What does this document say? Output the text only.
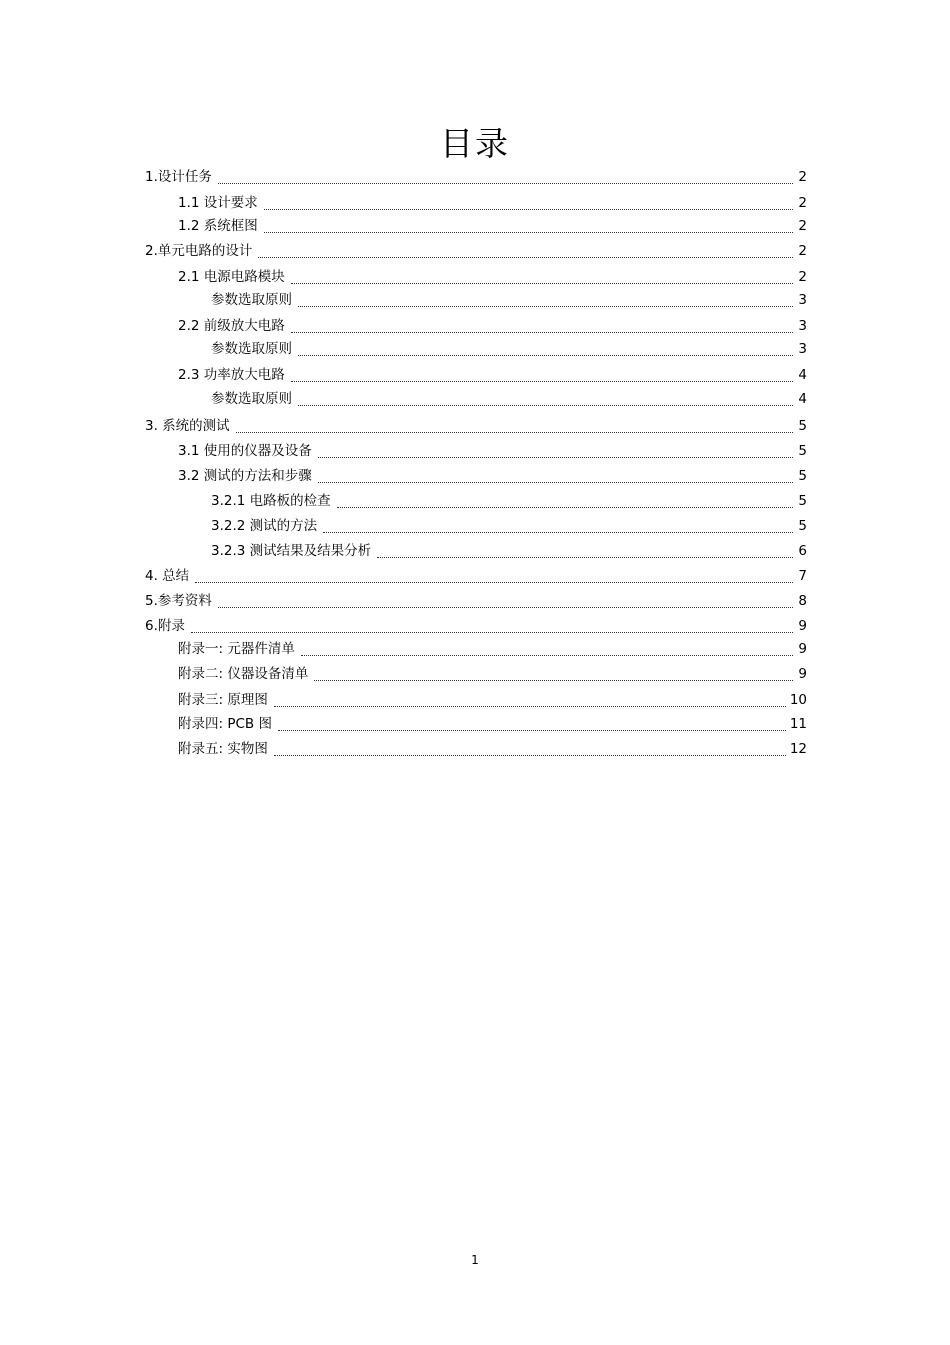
目录
1.设计任务	2
1.1 设计要求	2
1.2 系统框图	2
2.单元电路的设计	2
2.1 电源电路模块	2
参数选取原则	3
2.2 前级放大电路	3
参数选取原则	3
2.3 功率放大电路	4
参数选取原则	4
3. 系统的测试	5
3.1 使用的仪器及设备	5
3.2 测试的方法和步骤	5
3.2.1 电路板的检查	5
3.2.2 测试的方法	5
3.2.3 测试结果及结果分析	6
4. 总结	7
5.参考资料	8
6.附录	9
附录一: 元器件清单	9
附录二: 仪器设备清单	9
附录三: 原理图	10
附录四: PCB 图	11
附录五: 实物图	12
1
